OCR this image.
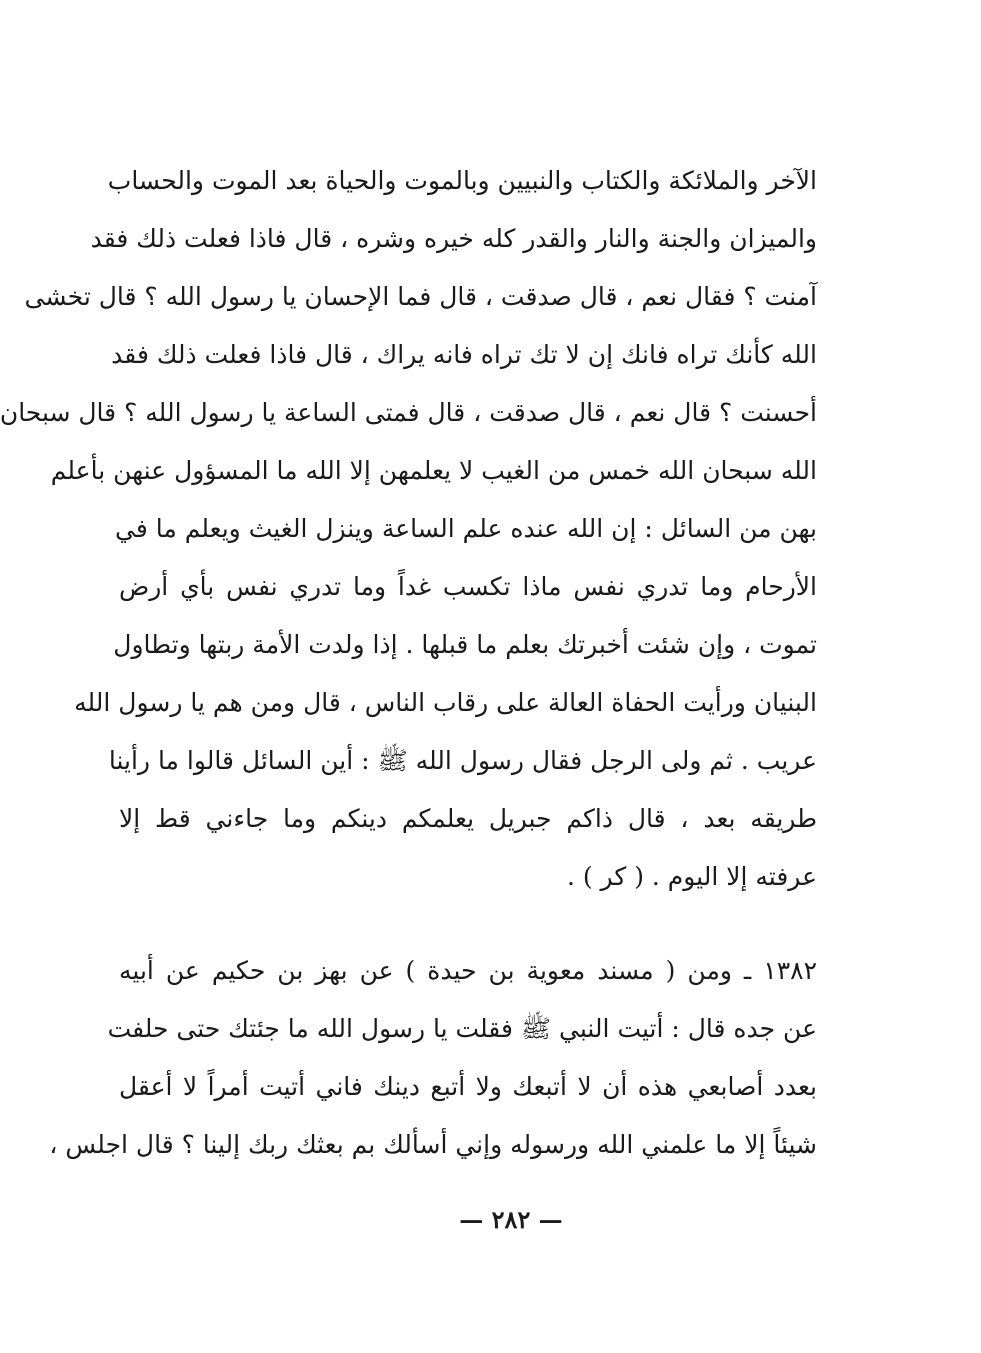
الآخر والملائكة والكتاب والنبيين وبالموت والحياة بعد الموت والحساب
والميزان والجنة والنار والقدر كله خيره وشره ، قال فاذا فعلت ذلك فقد
آمنت ؟ فقال نعم ، قال صدقت ، قال فما الإحسان يا رسول الله ؟ قال تخشى
الله كأنك تراه فانك إن لا تك تراه فانه يراك ، قال فاذا فعلت ذلك فقد
أحسنت ؟ قال نعم ، قال صدقت ، قال فمتى الساعة يا رسول الله ؟ قال سبحان
الله سبحان الله خمس من الغيب لا يعلمهن إلا الله ما المسؤول عنهن بأعلم
بهن من السائل : إن الله عنده علم الساعة وينزل الغيث ويعلم ما في
الأرحام وما تدري نفس ماذا تكسب غداً وما تدري نفس بأي أرض
تموت ، وإن شئت أخبرتك بعلم ما قبلها . إذا ولدت الأمة ربتها وتطاول
البنيان ورأيت الحفاة العالة على رقاب الناس ، قال ومن هم يا رسول الله
عريب . ثم ولى الرجل فقال رسول الله ﷺ : أين السائل قالوا ما رأينا
طريقه بعد ، قال ذاكم جبريل يعلمكم دينكم وما جاءني قط إلا
عرفته إلا اليوم . ( كر ) .
١٣٨٢ ـ ومن ( مسند معوية بن حيدة ) عن بهز بن حكيم عن أبيه
عن جده قال : أتيت النبي ﷺ فقلت يا رسول الله ما جئتك حتى حلفت
بعدد أصابعي هذه أن لا أتبعك ولا أتبع دينك فاني أتيت أمراً لا أعقل
شيئاً إلا ما علمني الله ورسوله وإني أسألك بم بعثك ربك إلينا ؟ قال اجلس ،
— ٢٨٢ —
